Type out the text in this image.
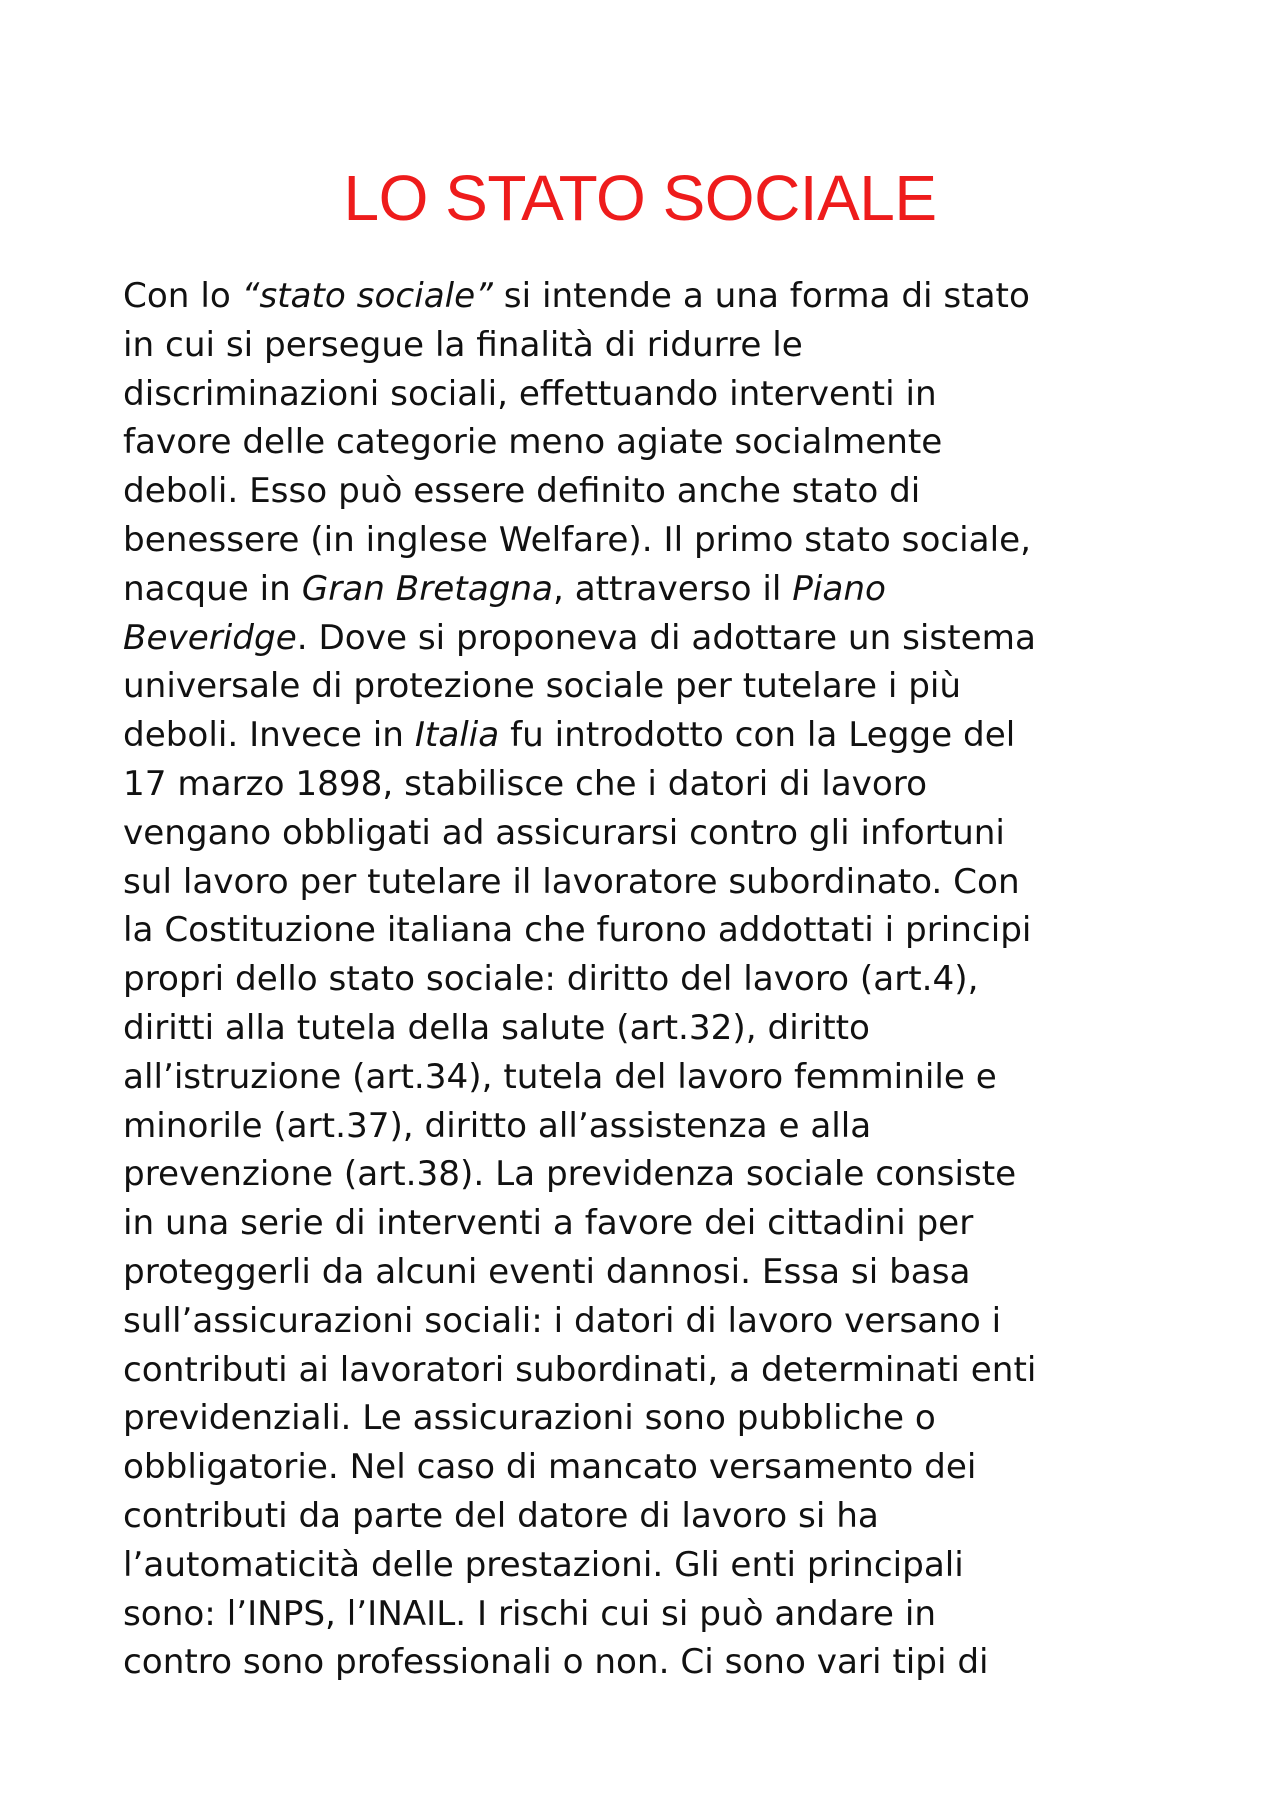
LO STATO SOCIALE
Con lo “stato sociale” si intende a una forma di stato
in cui si persegue la finalità di ridurre le
discriminazioni sociali, effettuando interventi in
favore delle categorie meno agiate socialmente
deboli. Esso può essere definito anche stato di
benessere (in inglese Welfare). Il primo stato sociale,
nacque in Gran Bretagna, attraverso il Piano
Beveridge. Dove si proponeva di adottare un sistema
universale di protezione sociale per tutelare i più
deboli. Invece in Italia fu introdotto con la Legge del
17 marzo 1898, stabilisce che i datori di lavoro
vengano obbligati ad assicurarsi contro gli infortuni
sul lavoro per tutelare il lavoratore subordinato. Con
la Costituzione italiana che furono addottati i principi
propri dello stato sociale: diritto del lavoro (art.4),
diritti alla tutela della salute (art.32), diritto
all’istruzione (art.34), tutela del lavoro femminile e
minorile (art.37), diritto all’assistenza e alla
prevenzione (art.38). La previdenza sociale consiste
in una serie di interventi a favore dei cittadini per
proteggerli da alcuni eventi dannosi. Essa si basa
sull’assicurazioni sociali: i datori di lavoro versano i
contributi ai lavoratori subordinati, a determinati enti
previdenziali. Le assicurazioni sono pubbliche o
obbligatorie. Nel caso di mancato versamento dei
contributi da parte del datore di lavoro si ha
l’automaticità delle prestazioni. Gli enti principali
sono: l’INPS, l’INAIL. I rischi cui si può andare in
contro sono professionali o non. Ci sono vari tipi di
